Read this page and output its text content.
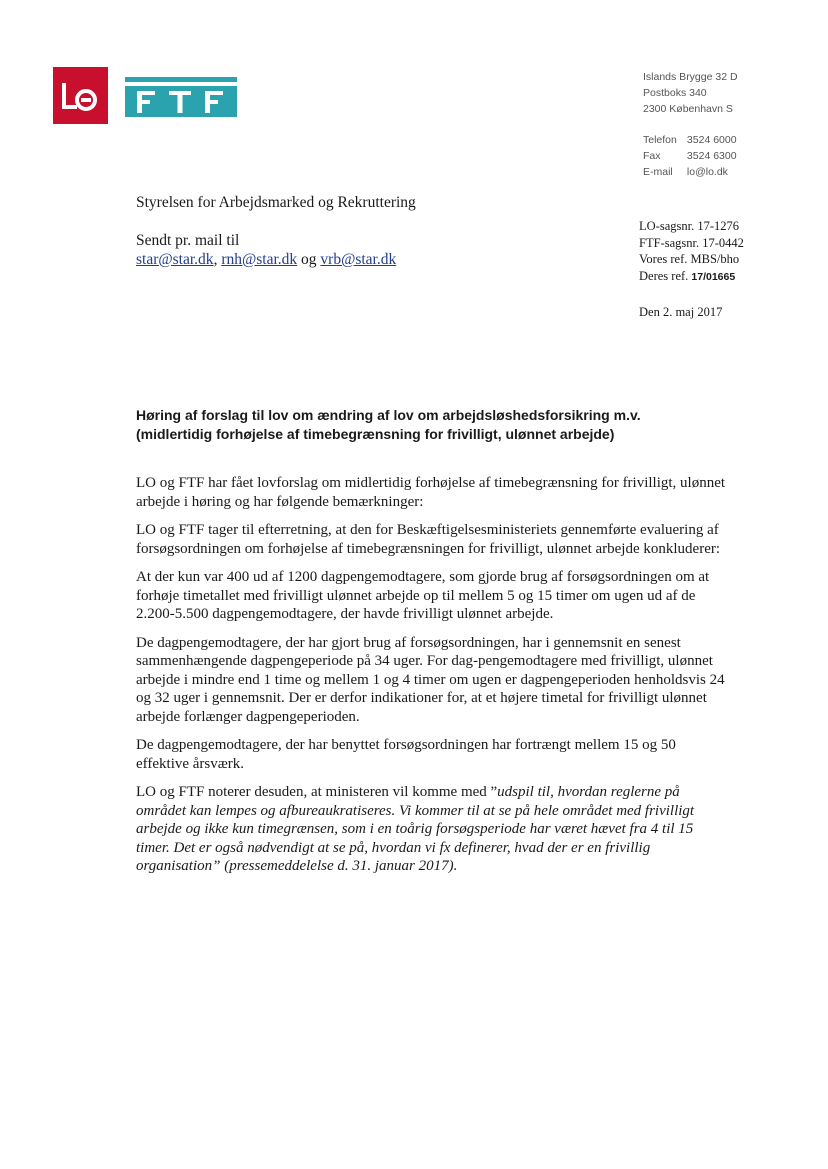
Islands Brygge 32 D
Postboks 340
2300 København S
Telefon 3524 6000
Fax	3524 6300
E-mail lo@lo.dk
Styrelsen for Arbejdsmarked og Rekruttering
Sendt pr. mail til
star@star.dk, rnh@star.dk og vrb@star.dk
LO-sagsnr. 17-1276
FTF-sagsnr. 17-0442
Vores ref. MBS/bho
Deres ref. 17/01665
Den 2. maj 2017
Høring af forslag til lov om ændring af lov om arbejdsløshedsforsikring m.v.
(midlertidig forhøjelse af timebegrænsning for frivilligt, ulønnet arbejde)

LO og FTF har fået lovforslag om midlertidig forhøjelse af timebegrænsning for frivilligt, ulønnet arbejde i høring og har følgende bemærkninger:

LO og FTF tager til efterretning, at den for Beskæftigelsesministeriets gennemførte evaluering af forsøgsordningen om forhøjelse af timebegrænsningen for frivilligt, ulønnet arbejde konkluderer:

At der kun var 400 ud af 1200 dagpengemodtagere, som gjorde brug af forsøgsordningen om at forhøje timetallet med frivilligt ulønnet arbejde op til mellem 5 og 15 timer om ugen ud af de 2.200-5.500 dagpengemodtagere, der havde frivilligt ulønnet arbejde.

De dagpengemodtagere, der har gjort brug af forsøgsordningen, har i gennemsnit en senest sammenhængende dagpengeperiode på 34 uger. For dag-pengemodtagere med frivilligt, ulønnet arbejde i mindre end 1 time og mellem 1 og 4 timer om ugen er dagpengeperioden henholdsvis 24 og 32 uger i gennemsnit. Der er derfor indikationer for, at et højere timetal for frivilligt ulønnet arbejde forlænger dagpengeperioden.

De dagpengemodtagere, der har benyttet forsøgsordningen har fortrængt mellem 15 og 50 effektive årsværk.

LO og FTF noterer desuden, at ministeren vil komme med ”udspil til, hvordan reglerne på området kan lempes og afbureaukratiseres. Vi kommer til at se på hele området med frivilligt arbejde og ikke kun timegrænsen, som i en toårig forsøgsperiode har været hævet fra 4 til 15 timer. Det er også nødvendigt at se på, hvordan vi fx definerer, hvad der er en frivillig organisation” (pressemeddelelse d. 31. januar 2017).
